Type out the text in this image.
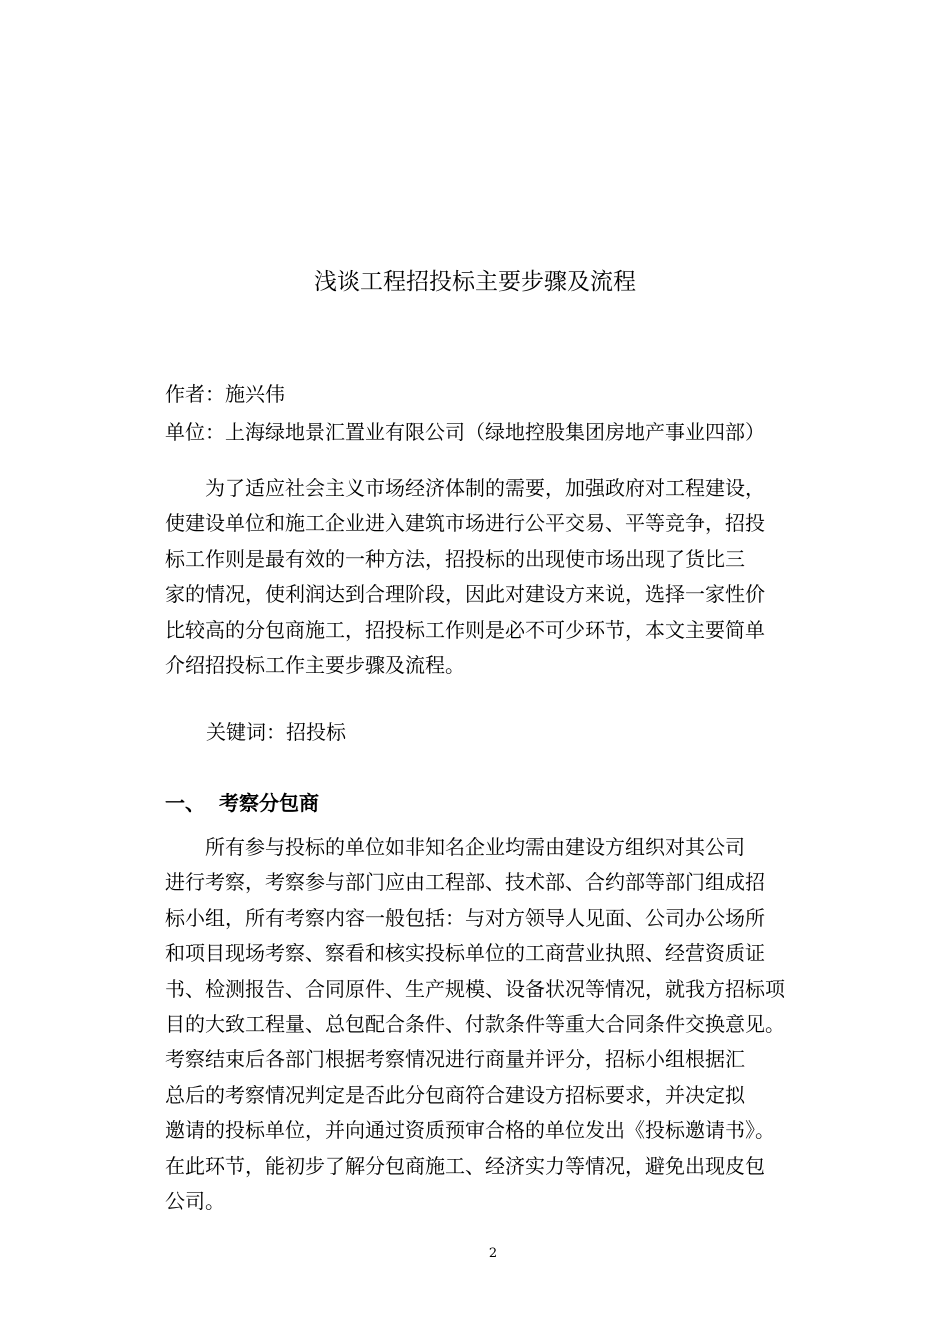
浅谈工程招投标主要步骤及流程
作者：施兴伟
单位：上海绿地景汇置业有限公司（绿地控股集团房地产事业四部）
　　为了适应社会主义市场经济体制的需要，加强政府对工程建设，
使建设单位和施工企业进入建筑市场进行公平交易、平等竞争，招投
标工作则是最有效的一种方法，招投标的出现使市场出现了货比三
家的情况，使利润达到合理阶段，因此对建设方来说，选择一家性价
比较高的分包商施工，招投标工作则是必不可少环节，本文主要简单
介绍招投标工作主要步骤及流程。
关键词：招投标
一、 考察分包商
　　所有参与投标的单位如非知名企业均需由建设方组织对其公司
进行考察，考察参与部门应由工程部、技术部、合约部等部门组成招
标小组，所有考察内容一般包括：与对方领导人见面、公司办公场所
和项目现场考察、察看和核实投标单位的工商营业执照、经营资质证
书、检测报告、合同原件、生产规模、设备状况等情况，就我方招标项
目的大致工程量、总包配合条件、付款条件等重大合同条件交换意见。
考察结束后各部门根据考察情况进行商量并评分，招标小组根据汇
总后的考察情况判定是否此分包商符合建设方招标要求，并决定拟
邀请的投标单位，并向通过资质预审合格的单位发出《投标邀请书》。
在此环节，能初步了解分包商施工、经济实力等情况，避免出现皮包
公司。
2
